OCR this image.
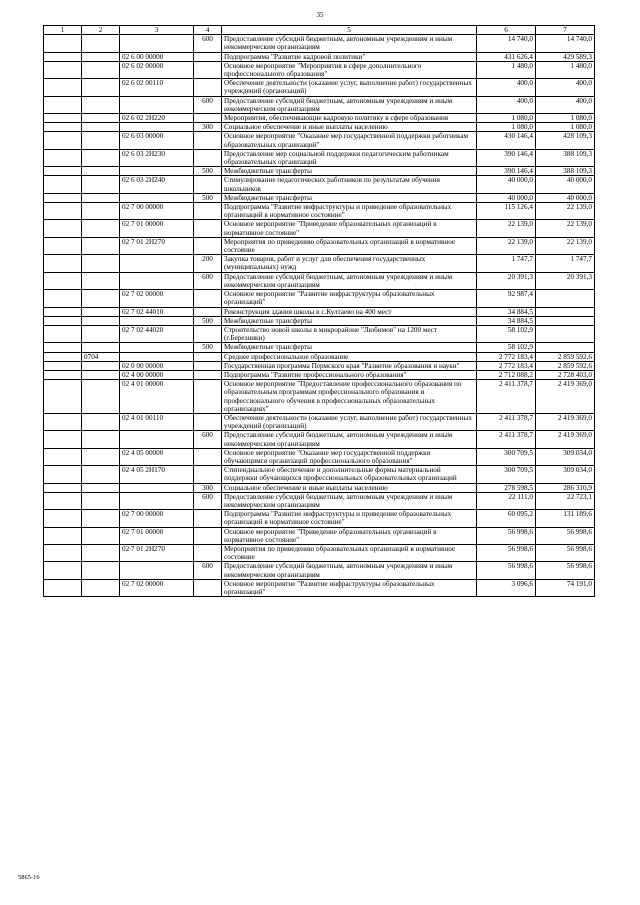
35
1	2	3	4	5	6	7
			600	Предоставление субсидий бюджетным, автономным учреждениям и иным некоммерческим организациям	14 740,0	14 740,0
		02 6 00 00000		Подпрограмма "Развитие кадровой политики"	431 626,4	429 589,3
		02 6 02 00000		Основное мероприятие "Мероприятия в сфере дополнительного профессионального образования"	1 480,0	1 480,0
		02 6 02 00110		Обеспечение деятельности (оказание услуг, выполнение работ) государственных учреждений (организаций)	400,0	400,0
			600	Предоставление субсидий бюджетным, автономным учреждениям и иным некоммерческим организациям	400,0	400,0
		02 6 02 2Н220		Мероприятия, обеспечивающие кадровую политику в сфере образования	1 080,0	1 080,0
			300	Социальное обеспечение и иные выплаты населению	1 080,0	1 080,0
		02 6 03 00000		Основное мероприятие "Оказание мер государственной поддержки работникам образовательных организаций"	430 146,4	428 109,3
		02 6 03 2Н230		Предоставление мер социальной поддержки педагогическим работникам образовательных организаций	390 146,4	388 109,3
			500	Межбюджетные трансферты	390 146,4	388 109,3
		02 6 03 2Н240		Стимулирование педагогических работников по результатам обучения школьников	40 000,0	40 000,0
			500	Межбюджетные трансферты	40 000,0	40 000,0
		02 7 00 00000		Подпрограмма "Развитие инфраструктуры и приведение образовательных организаций в нормативное состояние"	115 126,4	22 139,0
		02 7 01 00000		Основное мероприятие "Приведение образовательных организаций в нормативное состояние"	22 139,0	22 139,0
		02 7 01 2Н270		Мероприятия по приведению образовательных организаций в нормативное состояние	22 139,0	22 139,0
			200	Закупка товаров, работ и услуг для обеспечения государственных (муниципальных) нужд	1 747,7	1 747,7
			600	Предоставление субсидий бюджетным, автономным учреждениям и иным некоммерческим организациям	20 391,3	20 391,3
		02 7 02 00000		Основное мероприятие "Развитие инфраструктуры образовательных организаций"	92 987,4	
		02 7 02 44010		Реконструкция здания школы в с.Култаево на 400 мест	34 884,5	
			500	Межбюджетные трансферты	34 884,5	
		02 7 02 44020		Строительство новой школы в микрорайоне "Любимов" на 1200 мест (г.Березники)	58 102,9	
			500	Межбюджетные трансферты	58 102,9	
	0704			Среднее профессиональное образование	2 772 183,4	2 859 592,6
		02 0 00 00000		Государственная программа Пермского края "Развитие образования и науки"	2 772 183,4	2 859 592,6
		02 4 00 00000		Подпрограмма "Развитие профессионального образования"	2 712 088,2	2 728 403,0
		02 4 01 00000		Основное мероприятие "Предоставление профессионального образования по образовательным программам профессионального образования и профессионального обучения в профессиональных образовательных организациях"	2 411 378,7	2 419 369,0
		02 4 01 00110		Обеспечение деятельности (оказание услуг, выполнение работ) государственных учреждений (организаций)	2 411 378,7	2 419 369,0
			600	Предоставление субсидий бюджетным, автономным учреждениям и иным некоммерческим организациям	2 411 378,7	2 419 369,0
		02 4 05 00000		Основное мероприятие "Оказание мер государственной поддержки обучающимся организаций профессионального образования"	300 709,5	309 034,0
		02 4 05 2Н170		Стипендиальное обеспечение и дополнительные формы материальной поддержки обучающихся профессиональных образовательных организаций	300 709,5	309 034,0
			300	Социальное обеспечение и иные выплаты населению	278 598,5	286 310,9
			600	Предоставление субсидий бюджетным, автономным учреждениям и иным некоммерческим организациям	22 111,0	22 723,1
		02 7 00 00000		Подпрограмма "Развитие инфраструктуры и приведение образовательных организаций в нормативное состояние"	60 095,2	131 189,6
		02 7 01 00000		Основное мероприятие "Приведение образовательных организаций в нормативное состояние"	56 998,6	56 998,6
		02 7 01 2Н270		Мероприятия по приведению образовательных организаций в нормативное состояние	56 998,6	56 998,6
			600	Предоставление субсидий бюджетным, автономным учреждениям и иным некоммерческим организациям	56 998,6	56 998,6
		02 7 02 00000		Основное мероприятие "Развитие инфраструктуры образовательных организаций"	3 096,6	74 191,0
5865-16
